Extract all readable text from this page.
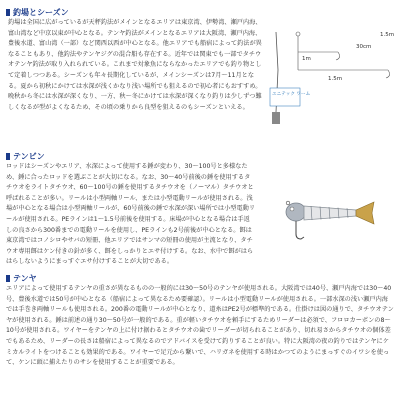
釣場とシーズン

釣場は全国に広がっているが天秤釣法がメインとなるエリアは東京湾、伊勢湾、瀬戸内海、富山湾など中京以東が中心となる。テンヤ釣法がメインとなるエリアは大阪湾、瀬戸内海、豊後水道、富山湾（一部）など関西以西が中心となる。他エリアでも船宿によって釣法が異なることもあり、他釣法やテンヤジグの混合船も存在する。近年では関東でも一部でタチウオテンヤ釣法が取り入れられている。これまで対象魚にならなかったエリアでも釣り物として定着しつつある。シーズンも年々長期化しているが、メインシーズンは7月〜11月となる。夏から初秋にかけては水深が浅くかなり浅い場所でも狙えるので初心者にもおすすめ。晩秋から冬には水深が深くなり、一方、秋〜冬にかけては水深が深くなり釣りは少しずつ難しくなるが型がよくなるため、その頃の乗りから良型を狙えるのもシーズンといえる。

1.5m
30cm
1m
1.5m
ユニテック ワーム
テンビン

ロッドはシーズンやエリア、水深によって使用する錘が変わり、30〜100号と多様なため、錘に合ったロッドを選ぶことが大切になる。なお、30〜40号前後の錘を使用するタチウオをライトタチウオ、60〜100号の錘を使用するタチウオを（ノーマル）タチウオと呼ばれることが多い。リールは小型両軸リール、または小型電動リールが使用される。浅場が中心となる場合は小型両軸リールが、60号前後の錘で水深が深い場所では小型電動リールが使用される。PEラインは1〜1.5号前後を使用する。床場が中心となる場合は手返しの良さから300番までの電動リールを使用し、PEラインも2号前後が中心となる。餌は東京湾ではコノシロやサバの短冊、他エリアではサンマの短冊の使用が主流となり、タチウオ専用餌はケン付きの針が多く、餌をしっかりとエサ付けする。なお、水中で餌がはらはらしないようにまっすぐエサ付けすることが大切である。

テンヤ

エリアによって使用するテンヤの重さが異なるものの一般的には30〜50号のテンヤが使用される。大阪湾では40号、瀬戸内海では30〜40号、豊後水道では50号が中心となる（船宿によって異なるため要確認）。リールは小型電動リールが使用される。一部水深の浅い瀬戸内海では手巻き両軸リールも使用される。200番の電動リールが中心となり、道糸はPE2号が標準的である。仕掛けは図の通りで、タチウオテンヤが使用される。錘は前述の通り30〜50号が一般的である。重が軽いタチウオを頼手にするためリーダーは必須で、フロロカーボンの8〜10号が使用される。ワイヤーをテンヤの上に付け据わるとタチウオの歯でリーダーが切られることがあり、切れ易さからタチウオの個体差でもあるため、リーダーの長さは船宿によって異なるのでアドバイスを受けて釣りすることが良い。特に大阪湾の夜の釣りではテンヤにケミカルライトをつけることも効果的である。ワイヤーで足元から繋いで、ハリガネを使用する時はかつてのようにまっすぐのイワシを使って、ケンに頭に捕えたりのサシを使用することが重要である。
